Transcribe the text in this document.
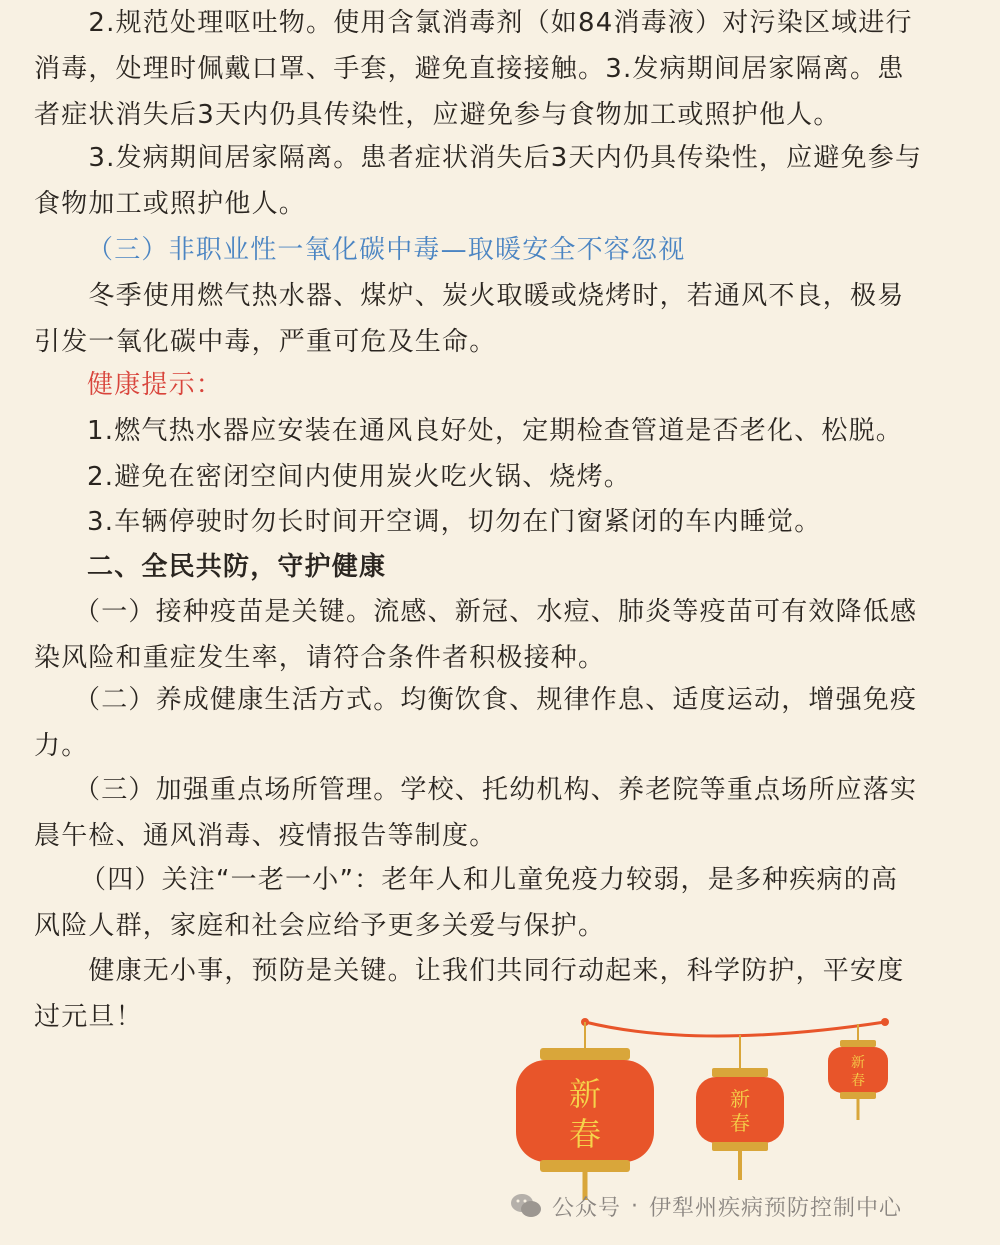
　　2.规范处理呕吐物。使用含氯消毒剂（如84消毒液）对污染区域进行
消毒，处理时佩戴口罩、手套，避免直接接触。3.发病期间居家隔离。患
者症状消失后3天内仍具传染性，应避免参与食物加工或照护他人。
　　3.发病期间居家隔离。患者症状消失后3天内仍具传染性，应避免参与
食物加工或照护他人。
（三）非职业性一氧化碳中毒—取暖安全不容忽视
　　冬季使用燃气热水器、煤炉、炭火取暖或烧烤时，若通风不良，极易
引发一氧化碳中毒，严重可危及生命。
健康提示：
1.燃气热水器应安装在通风良好处，定期检查管道是否老化、松脱。
2.避免在密闭空间内使用炭火吃火锅、烧烤。
3.车辆停驶时勿长时间开空调，切勿在门窗紧闭的车内睡觉。
二、全民共防，守护健康
（一）接种疫苗是关键。流感、新冠、水痘、肺炎等疫苗可有效降低感
染风险和重症发生率，请符合条件者积极接种。
（二）养成健康生活方式。均衡饮食、规律作息、适度运动，增强免疫
力。
（三）加强重点场所管理。学校、托幼机构、养老院等重点场所应落实
晨午检、通风消毒、疫情报告等制度。
（四）关注“一老一小”：老年人和儿童免疫力较弱，是多种疾病的高
风险人群，家庭和社会应给予更多关爱与保护。
　　健康无小事，预防是关键。让我们共同行动起来，科学防护，平安度
过元旦！
新
春
新
春
新
春
公众号 · 伊犁州疾病预防控制中心
